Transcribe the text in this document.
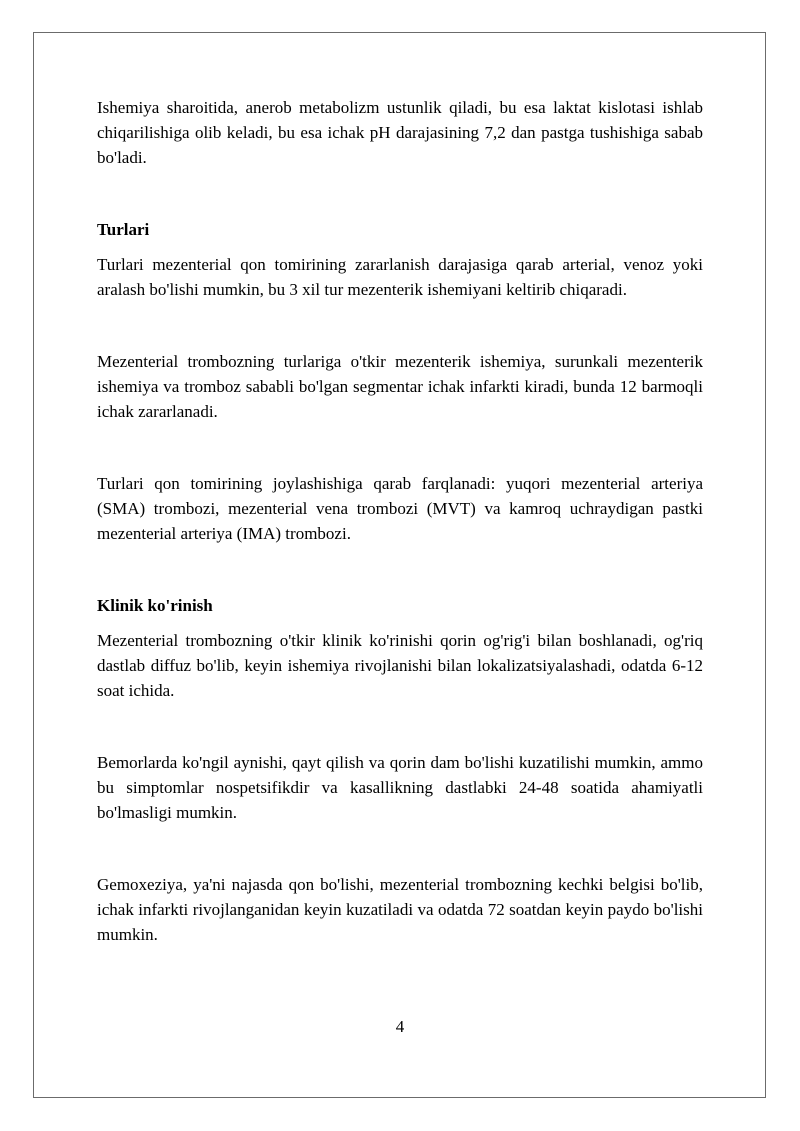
Ishemiya sharoitida, anerob metabolizm ustunlik qiladi, bu esa laktat kislotasi ishlab chiqarilishiga olib keladi, bu esa ichak pH darajasining 7,2 dan pastga tushishiga sabab bo'ladi.

Turlari

Turlari mezenterial qon tomirining zararlanish darajasiga qarab arterial, venoz yoki aralash bo'lishi mumkin, bu 3 xil tur mezenterik ishemiyani keltirib chiqaradi.

Mezenterial trombozning turlariga o'tkir mezenterik ishemiya, surunkali mezenterik ishemiya va tromboz sababli bo'lgan segmentar ichak infarkti kiradi, bunda 12 barmoqli ichak zararlanadi.

Turlari qon tomirining joylashishiga qarab farqlanadi: yuqori mezenterial arteriya (SMA) trombozi, mezenterial vena trombozi (MVT) va kamroq uchraydigan pastki mezenterial arteriya (IMA) trombozi.

Klinik ko'rinish

Mezenterial trombozning o'tkir klinik ko'rinishi qorin og'rig'i bilan boshlanadi, og'riq dastlab diffuz bo'lib, keyin ishemiya rivojlanishi bilan lokalizatsiyalashadi, odatda 6-12 soat ichida.

Bemorlarda ko'ngil aynishi, qayt qilish va qorin dam bo'lishi kuzatilishi mumkin, ammo bu simptomlar nospetsifikdir va kasallikning dastlabki 24-48 soatida ahamiyatli bo'lmasligi mumkin.

Gemoxeziya, ya'ni najasda qon bo'lishi, mezenterial trombozning kechki belgisi bo'lib, ichak infarkti rivojlanganidan keyin kuzatiladi va odatda 72 soatdan keyin paydo bo'lishi mumkin.

4
